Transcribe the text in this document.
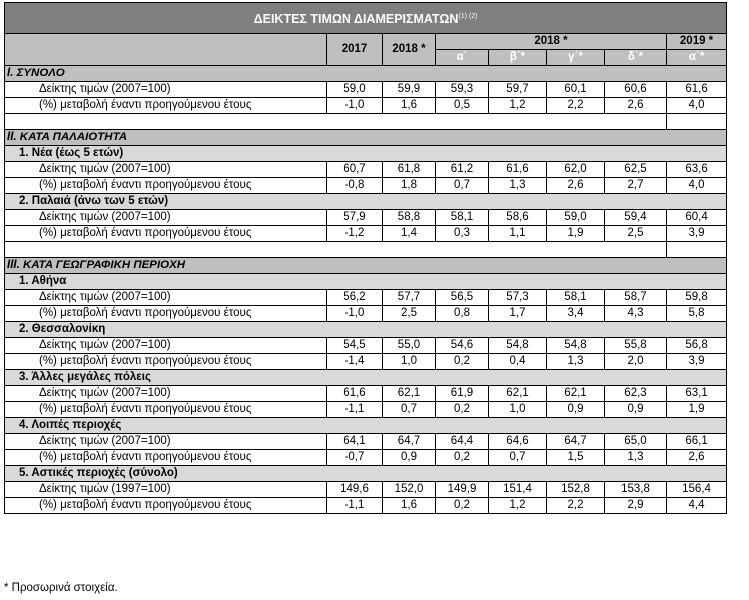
ΔΕΙΚΤΕΣ ΤΙΜΩΝ $\Delta IAMEPI\Sigma MAT\Omega N^{(1) (2)}$
	2017	2018 *	2018 *				2019 *
			α΄	β΄*	γ΄*	δ΄*	α΄*
I. ΣΥΝΟΛΟ							
Δείκτης τιμών (2007=100)	59,0	59,9	59,3	59,7	60,1	60,6	61,6
(%) μεταβολή έναντι προηγούμενου έτους	-1,0	1,6	0,5	1,2	2,2	2,6	4,0

II. ΚΑΤΑ ΠΑΛΑΙΟΤΗΤΑ							
1. Νέα (έως 5 ετών)							
Δείκτης τιμών (2007=100)	60,7	61,8	61,2	61,6	62,0	62,5	63,6
(%) μεταβολή έναντι προηγούμενου έτους	-0,8	1,8	0,7	1,3	2,6	2,7	4,0
2. Παλαιά (άνω των 5 ετών)							
Δείκτης τιμών (2007=100)	57,9	58,8	58,1	58,6	59,0	59,4	60,4
(%) μεταβολή έναντι προηγούμενου έτους	-1,2	1,4	0,3	1,1	1,9	2,5	3,9

III. ΚΑΤΑ ΓΕΩΓΡΑΦΙΚΗ ΠΕΡΙΟΧΗ							
1. Αθήνα							
Δείκτης τιμών (2007=100)	56,2	57,7	56,5	57,3	58,1	58,7	59,8
(%) μεταβολή έναντι προηγούμενου έτους	-1,0	2,5	0,8	1,7	3,4	4,3	5,8
2. Θεσσαλονίκη							
Δείκτης τιμών (2007=100)	54,5	55,0	54,6	54,8	54,8	55,8	56,8
(%) μεταβολή έναντι προηγούμενου έτους	-1,4	1,0	0,2	0,4	1,3	2,0	3,9
3. Άλλες μεγάλες πόλεις							
Δείκτης τιμών (2007=100)	61,6	62,1	61,9	62,1	62,1	62,3	63,1
(%) μεταβολή έναντι προηγούμενου έτους	-1,1	0,7	0,2	1,0	0,9	0,9	1,9
4. Λοιπές περιοχές							
Δείκτης τιμών (2007=100)	64,1	64,7	64,4	64,6	64,7	65,0	66,1
(%) μεταβολή έναντι προηγούμενου έτους	-0,7	0,9	0,2	0,7	1,5	1,3	2,6
5. Αστικές περιοχές (σύνολο)							
Δείκτης τιμών (1997=100)	149,6	152,0	149,9	151,4	152,8	153,8	156,4
(%) μεταβολή έναντι προηγούμενου έτους	-1,1	1,6	0,2	1,2	2,2	2,9	4,4
* Προσωρινά στοιχεία.
